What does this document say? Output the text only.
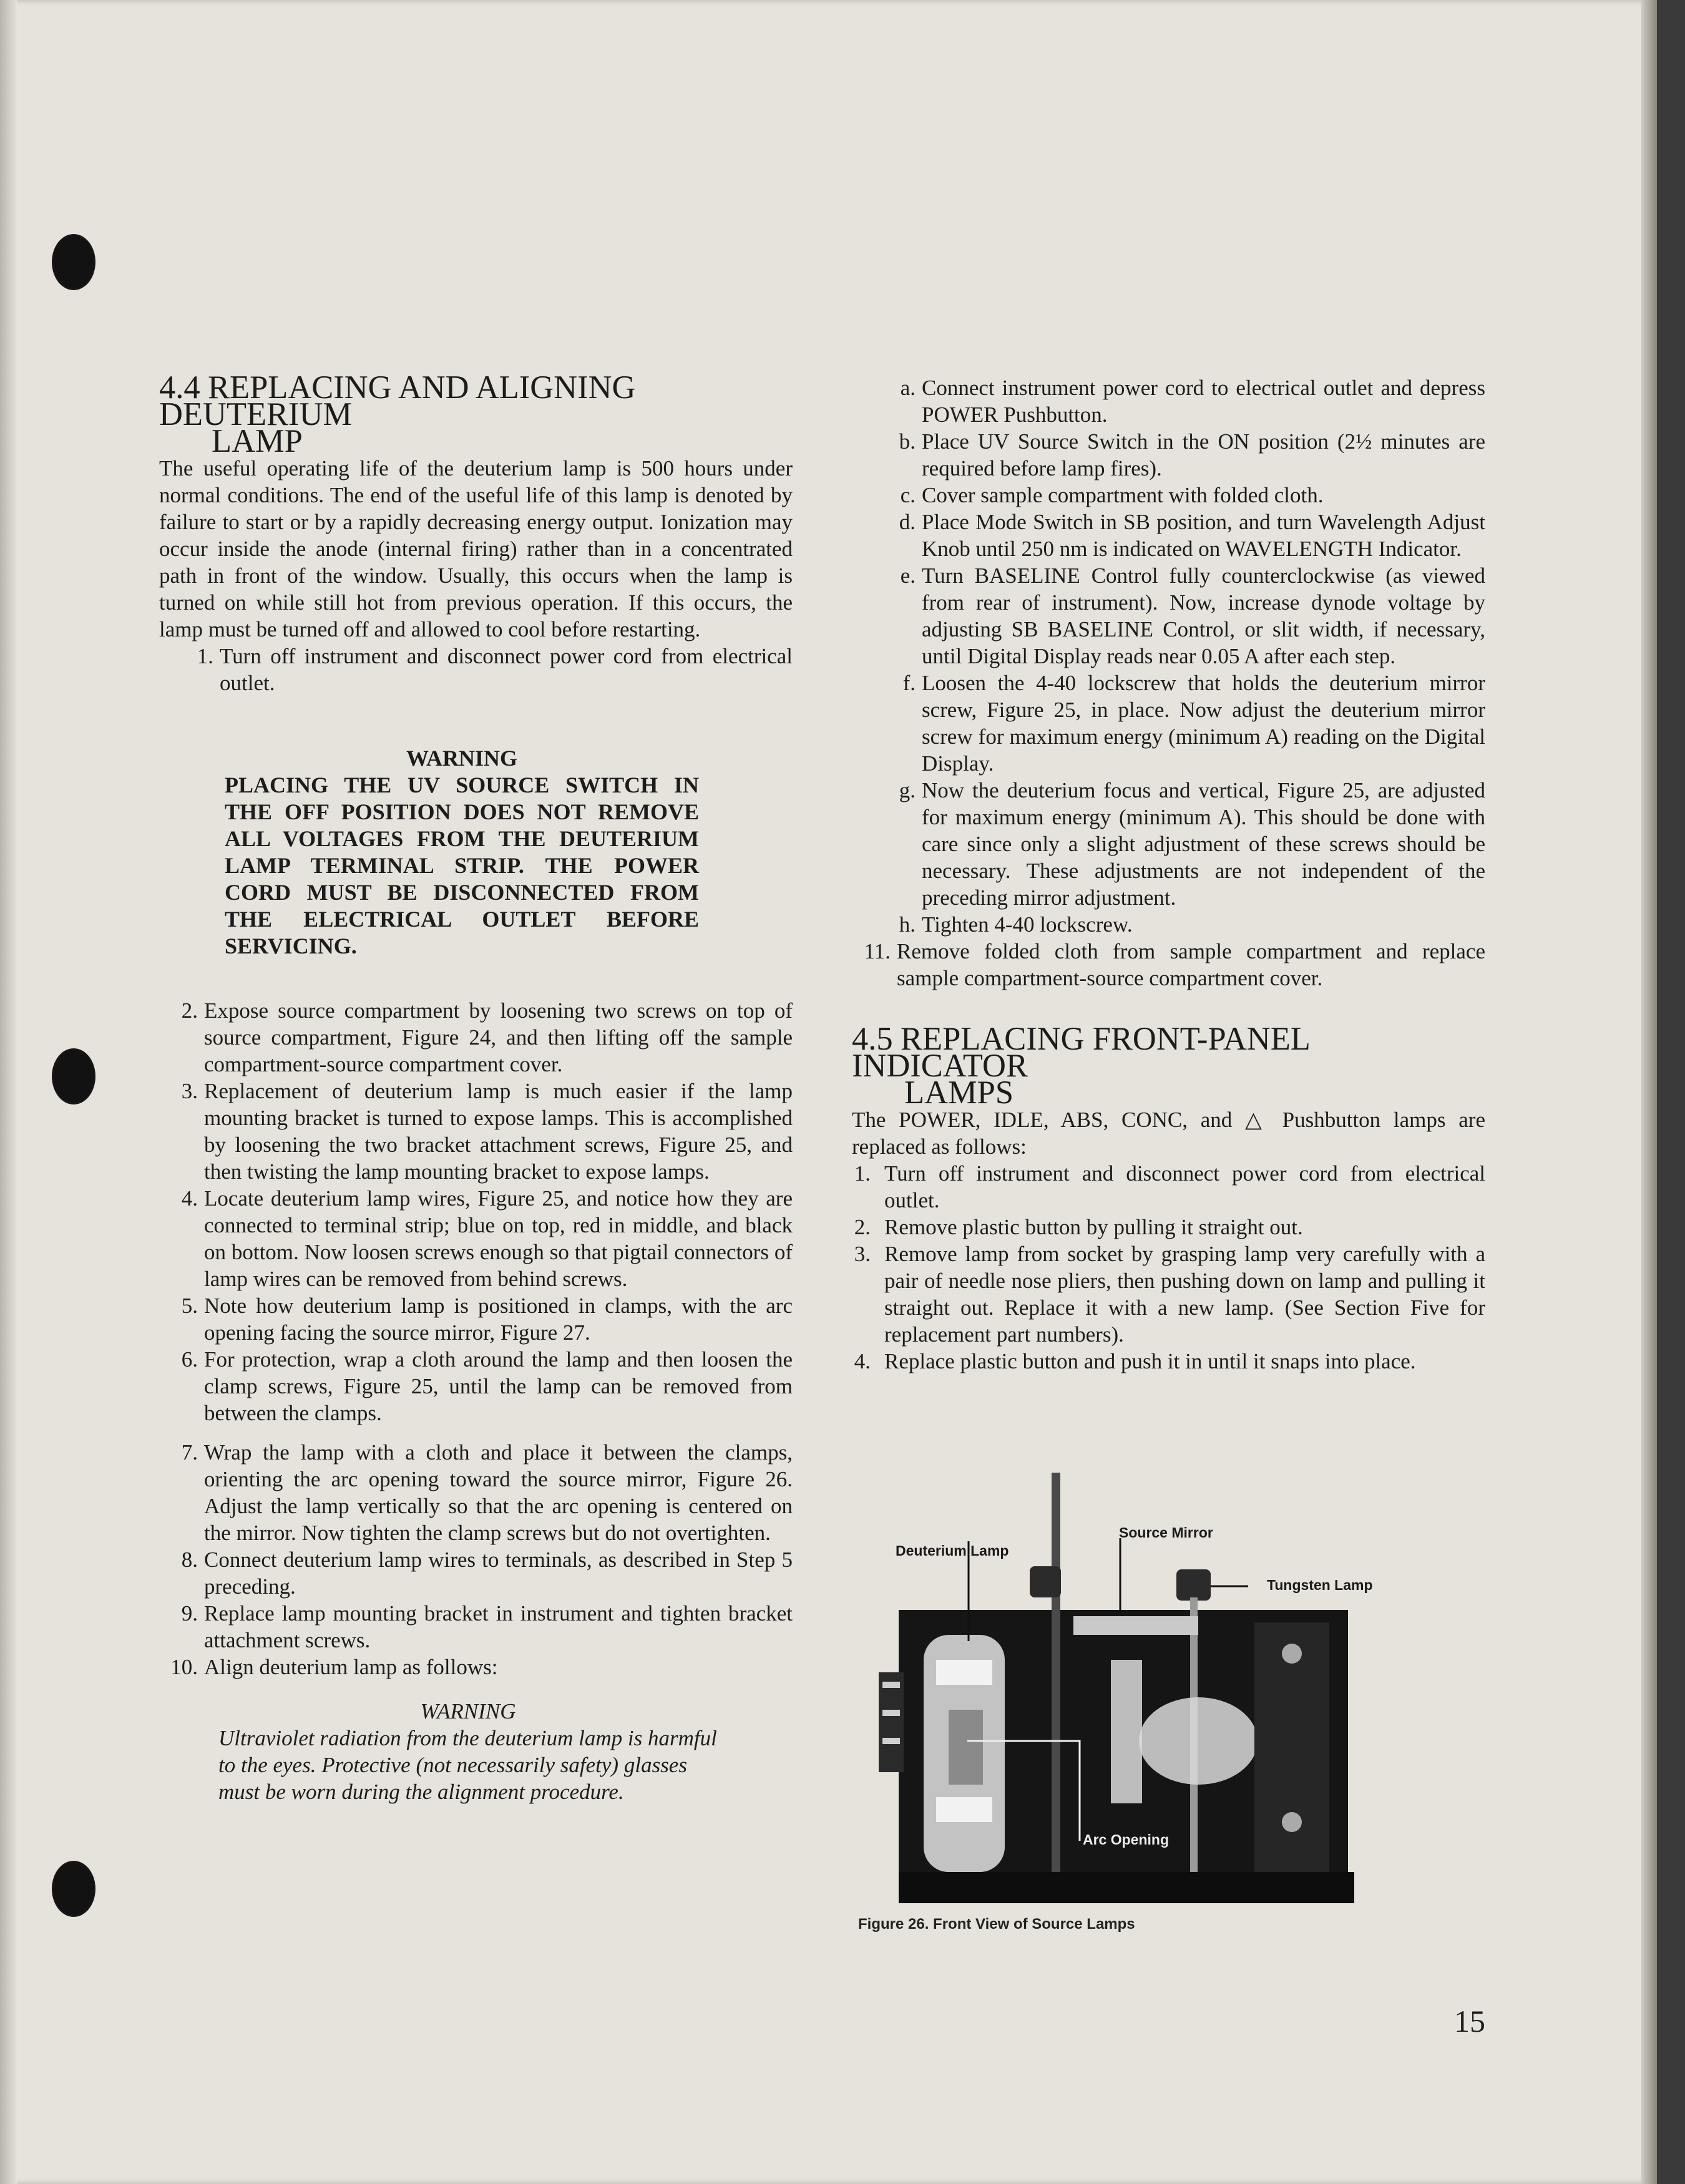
4.4 REPLACING AND ALIGNING DEUTERIUM
LAMP

The useful operating life of the deuterium lamp is 500 hours under normal conditions. The end of the useful life of this lamp is denoted by failure to start or by a rapidly decreasing energy output. Ionization may occur inside the anode (internal firing) rather than in a concentrated path in front of the window. Usually, this occurs when the lamp is turned on while still hot from previous operation. If this occurs, the lamp must be turned off and allowed to cool before restarting.

1. Turn off instrument and disconnect power cord from electrical outlet.
WARNING
PLACING THE UV SOURCE SWITCH IN THE OFF POSITION DOES NOT REMOVE ALL VOLTAGES FROM THE DEUTERIUM LAMP TERMINAL STRIP. THE POWER CORD MUST BE DISCONNECTED FROM THE ELECTRICAL OUTLET BEFORE SERVICING.
2. Expose source compartment by loosening two screws on top of source compartment, Figure 24, and then lifting off the sample compartment-source compartment cover.
3. Replacement of deuterium lamp is much easier if the lamp mounting bracket is turned to expose lamps. This is accomplished by loosening the two bracket attachment screws, Figure 25, and then twisting the lamp mounting bracket to expose lamps.
4. Locate deuterium lamp wires, Figure 25, and notice how they are connected to terminal strip; blue on top, red in middle, and black on bottom. Now loosen screws enough so that pigtail connectors of lamp wires can be removed from behind screws.
5. Note how deuterium lamp is positioned in clamps, with the arc opening facing the source mirror, Figure 27.
6. For protection, wrap a cloth around the lamp and then loosen the clamp screws, Figure 25, until the lamp can be removed from between the clamps.
7. Wrap the lamp with a cloth and place it between the clamps, orienting the arc opening toward the source mirror, Figure 26. Adjust the lamp vertically so that the arc opening is centered on the mirror. Now tighten the clamp screws but do not overtighten.
8. Connect deuterium lamp wires to terminals, as described in Step 5 preceding.
9. Replace lamp mounting bracket in instrument and tighten bracket attachment screws.
10. Align deuterium lamp as follows:
WARNING
Ultraviolet radiation from the deuterium lamp is harmful to the eyes. Protective (not necessarily safety) glasses must be worn during the alignment procedure.
a. Connect instrument power cord to electrical outlet and depress POWER Pushbutton.
b. Place UV Source Switch in the ON position (2½ minutes are required before lamp fires).
c. Cover sample compartment with folded cloth.
d. Place Mode Switch in SB position, and turn Wavelength Adjust Knob until 250 nm is indicated on WAVELENGTH Indicator.
e. Turn BASELINE Control fully counterclockwise (as viewed from rear of instrument). Now, increase dynode voltage by adjusting SB BASELINE Control, or slit width, if necessary, until Digital Display reads near 0.05 A after each step.
f. Loosen the 4-40 lockscrew that holds the deuterium mirror screw, Figure 25, in place. Now adjust the deuterium mirror screw for maximum energy (minimum A) reading on the Digital Display.
g. Now the deuterium focus and vertical, Figure 25, are adjusted for maximum energy (minimum A). This should be done with care since only a slight adjustment of these screws should be necessary. These adjustments are not independent of the preceding mirror adjustment.
h. Tighten 4-40 lockscrew.
11. Remove folded cloth from sample compartment and replace sample compartment-source compartment cover.
4.5 REPLACING FRONT-PANEL INDICATOR
LAMPS

The POWER, IDLE, ABS, CONC, and △ Pushbutton lamps are replaced as follows:

1. Turn off instrument and disconnect power cord from electrical outlet.
2. Remove plastic button by pulling it straight out.
3. Remove lamp from socket by grasping lamp very carefully with a pair of needle nose pliers, then pushing down on lamp and pulling it straight out. Replace it with a new lamp. (See Section Five for replacement part numbers).
4. Replace plastic button and push it in until it snaps into place.
Deuterium Lamp
Source Mirror
Tungsten Lamp
Arc Opening
Figure 26. Front View of Source Lamps
15
